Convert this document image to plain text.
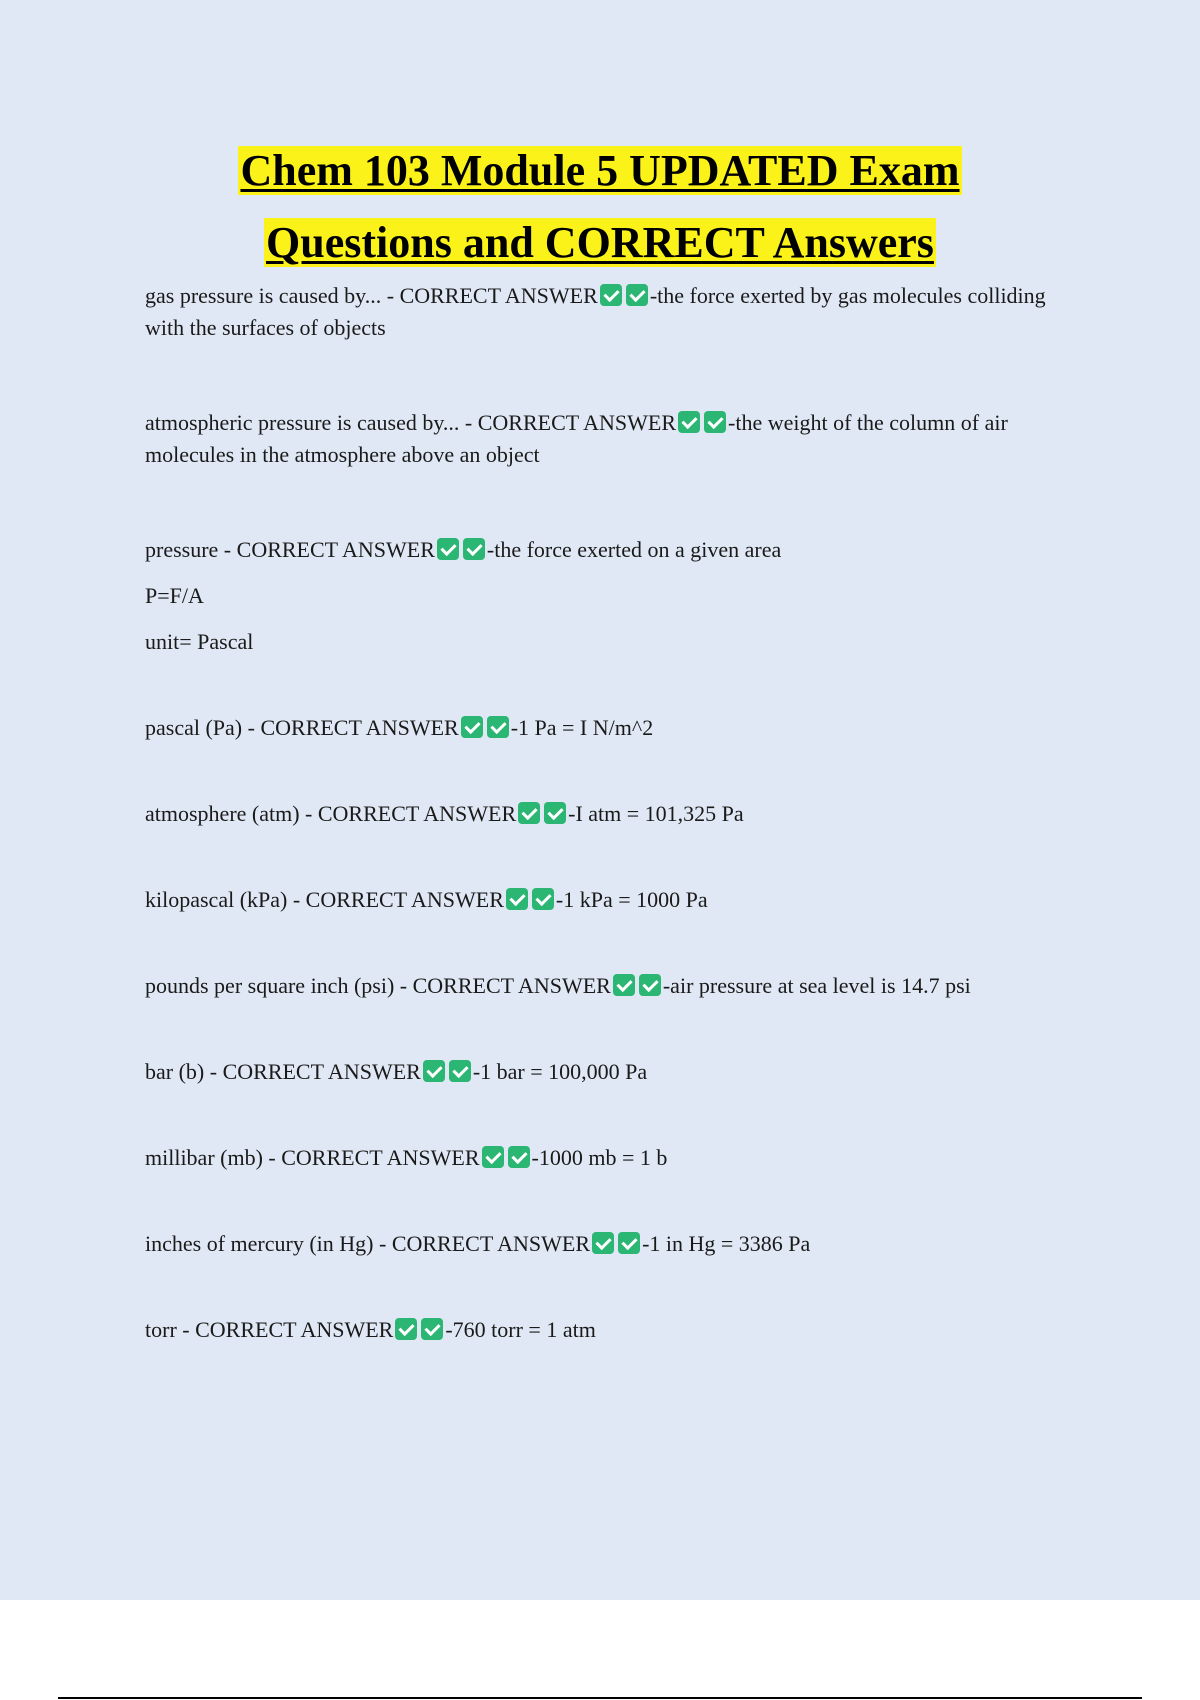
Chem 103 Module 5 UPDATED Exam
Questions and CORRECT Answers

gas pressure is caused by... - CORRECT ANSWER -the force exerted by gas molecules colliding with the surfaces of objects

atmospheric pressure is caused by... - CORRECT ANSWER -the weight of the column of air molecules in the atmosphere above an object

pressure - CORRECT ANSWER -the force exerted on a given area

P=F/A
unit= Pascal

pascal (Pa) - CORRECT ANSWER -1 Pa = I N/m^2

atmosphere (atm) - CORRECT ANSWER -I atm = 101,325 Pa

kilopascal (kPa) - CORRECT ANSWER -1 kPa = 1000 Pa

pounds per square inch (psi) - CORRECT ANSWER -air pressure at sea level is 14.7 psi

bar (b) - CORRECT ANSWER -1 bar = 100,000 Pa

millibar (mb) - CORRECT ANSWER -1000 mb = 1 b

inches of mercury (in Hg) - CORRECT ANSWER -1 in Hg = 3386 Pa

torr - CORRECT ANSWER -760 torr = 1 atm
